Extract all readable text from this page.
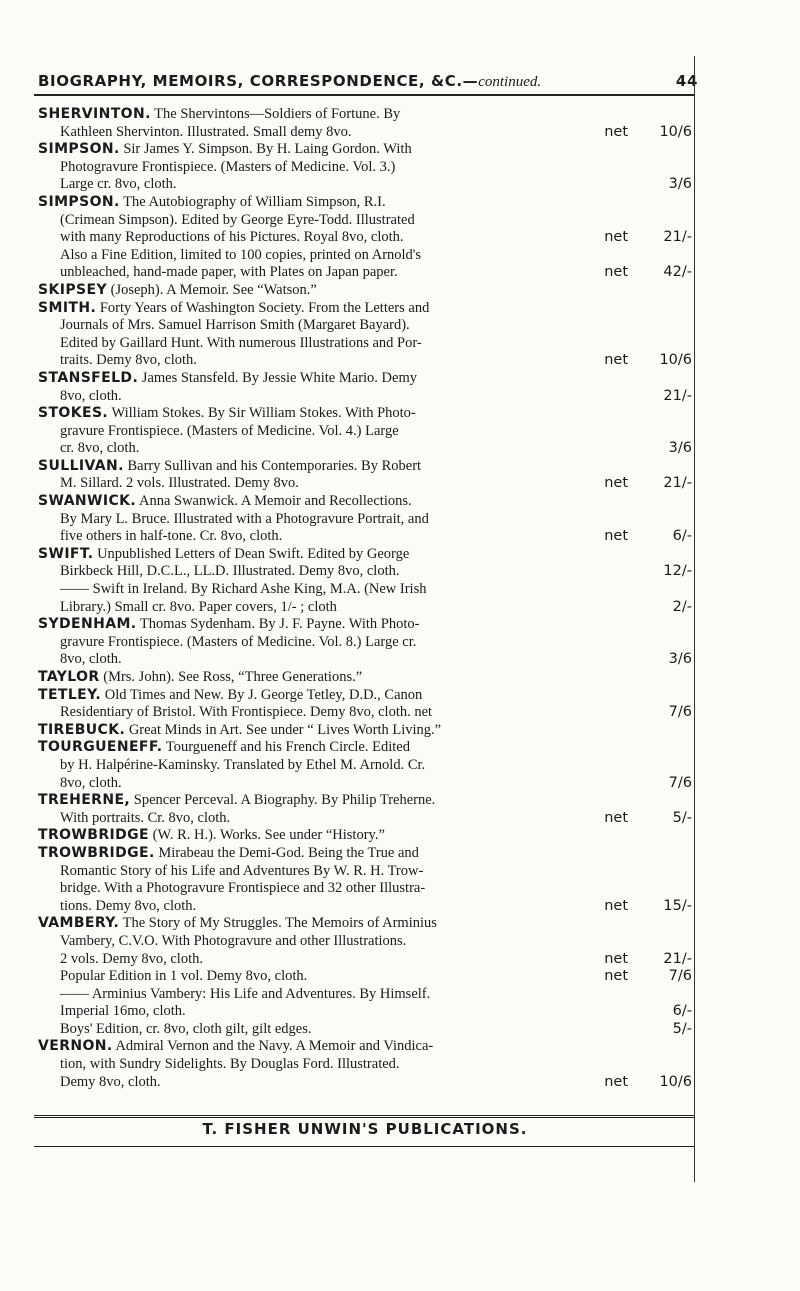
BIOGRAPHY, MEMOIRS, CORRESPONDENCE, &C.—continued.	44
SHERVINTON. The Shervintons—Soldiers of Fortune. By
Kathleen Shervinton. Illustrated. Small demy 8vo.	net 10/6
SIMPSON. Sir James Y. Simpson. By H. Laing Gordon. With
Photogravure Frontispiece. (Masters of Medicine. Vol. 3.)
Large cr. 8vo, cloth.	3/6
SIMPSON. The Autobiography of William Simpson, R.I.
(Crimean Simpson). Edited by George Eyre-Todd. Illustrated
with many Reproductions of his Pictures. Royal 8vo, cloth.	net 21/-
Also a Fine Edition, limited to 100 copies, printed on Arnold's
unbleached, hand-made paper, with Plates on Japan paper.	net 42/-
SKIPSEY (Joseph). A Memoir. See “Watson.”
SMITH. Forty Years of Washington Society. From the Letters and
Journals of Mrs. Samuel Harrison Smith (Margaret Bayard).
Edited by Gaillard Hunt. With numerous Illustrations and Por-
traits. Demy 8vo, cloth.	net 10/6
STANSFELD. James Stansfeld. By Jessie White Mario. Demy
8vo, cloth.	21/-
STOKES. William Stokes. By Sir William Stokes. With Photo-
gravure Frontispiece. (Masters of Medicine. Vol. 4.) Large
cr. 8vo, cloth.	3/6
SULLIVAN. Barry Sullivan and his Contemporaries. By Robert
M. Sillard. 2 vols. Illustrated. Demy 8vo.	net 21/-
SWANWICK. Anna Swanwick. A Memoir and Recollections.
By Mary L. Bruce. Illustrated with a Photogravure Portrait, and
five others in half-tone. Cr. 8vo, cloth.	net	6/-
SWIFT. Unpublished Letters of Dean Swift. Edited by George
Birkbeck Hill, D.C.L., LL.D. Illustrated. Demy 8vo, cloth.	12/-
—— Swift in Ireland. By Richard Ashe King, M.A. (New Irish
Library.) Small cr. 8vo. Paper covers, 1/- ; cloth	2/-
SYDENHAM. Thomas Sydenham. By J. F. Payne. With Photo-
gravure Frontispiece. (Masters of Medicine. Vol. 8.) Large cr.
8vo, cloth.	3/6
TAYLOR (Mrs. John). See Ross, “Three Generations.”
TETLEY. Old Times and New. By J. George Tetley, D.D., Canon
Residentiary of Bristol. With Frontispiece. Demy 8vo, cloth. net	7/6
TIREBUCK. Great Minds in Art. See under “ Lives Worth Living.”
TOURGUENEFF. Tourgueneff and his French Circle. Edited
by H. Halpérine-Kaminsky. Translated by Ethel M. Arnold. Cr.
8vo, cloth.	7/6
TREHERNE, Spencer Perceval. A Biography. By Philip Treherne.
With portraits. Cr. 8vo, cloth.	net	5/-
TROWBRIDGE (W. R. H.). Works. See under “History.”
TROWBRIDGE. Mirabeau the Demi-God. Being the True and
Romantic Story of his Life and Adventures By W. R. H. Trow-
bridge. With a Photogravure Frontispiece and 32 other Illustra-
tions. Demy 8vo, cloth.	net 15/-
VAMBERY. The Story of My Struggles. The Memoirs of Arminius
Vambery, C.V.O. With Photogravure and other Illustrations.
2 vols. Demy 8vo, cloth.	net 21/-
Popular Edition in 1 vol. Demy 8vo, cloth.	net	7/6
—— Arminius Vambery: His Life and Adventures. By Himself.
Imperial 16mo, cloth.	6/-
Boys' Edition, cr. 8vo, cloth gilt, gilt edges.	5/-
VERNON. Admiral Vernon and the Navy. A Memoir and Vindica-
tion, with Sundry Sidelights. By Douglas Ford. Illustrated.
Demy 8vo, cloth.	net 10/6
T. FISHER UNWIN'S PUBLICATIONS.
